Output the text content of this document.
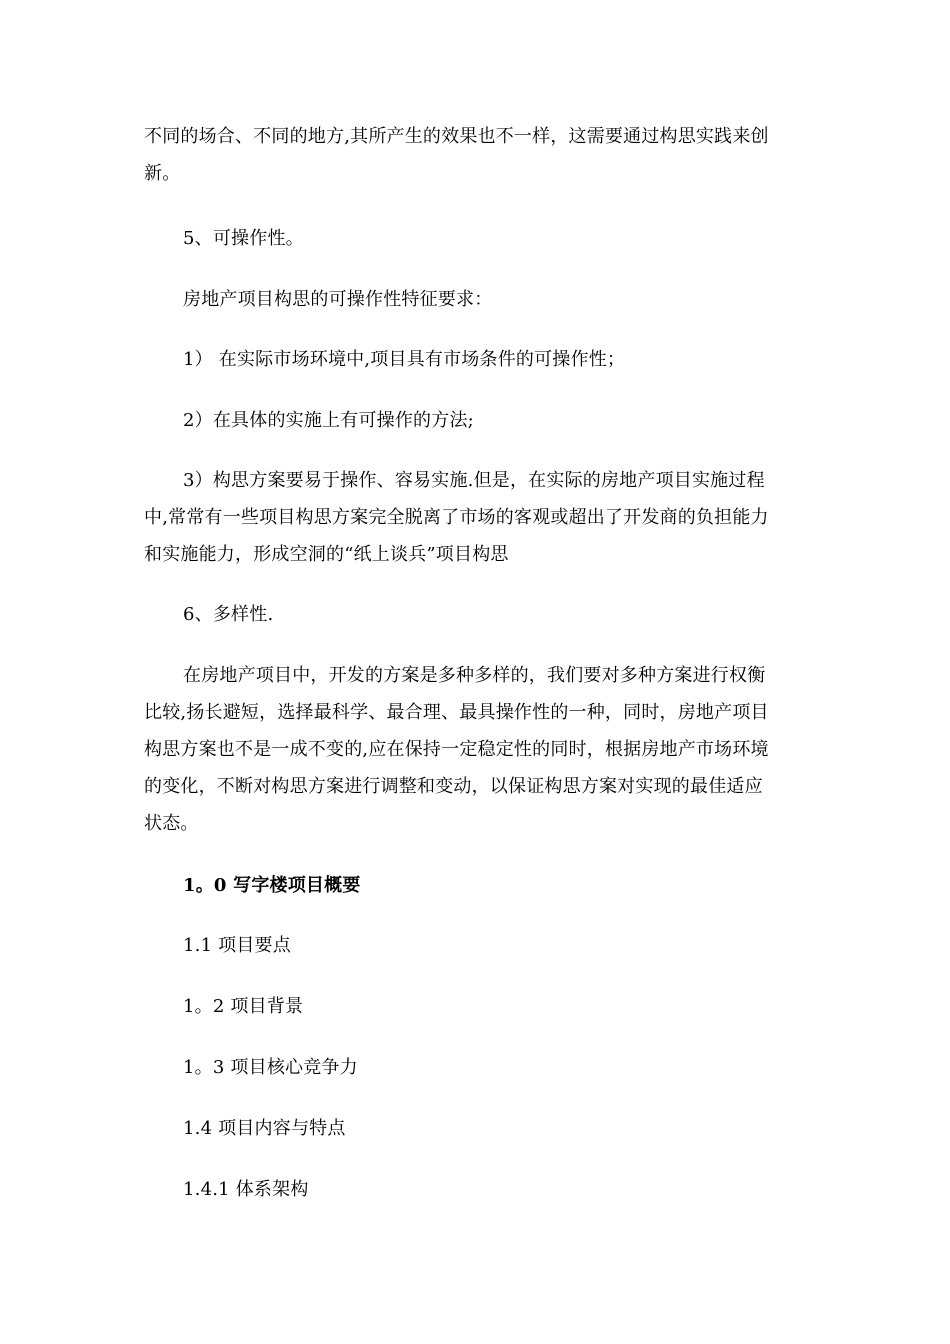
不同的场合、不同的地方,其所产生的效果也不一样，这需要通过构思实践来创
新。
5、可操作性。
房地产项目构思的可操作性特征要求：
1） 在实际市场环境中,项目具有市场条件的可操作性；
2）在具体的实施上有可操作的方法;
3）构思方案要易于操作、容易实施.但是，在实际的房地产项目实施过程
中,常常有一些项目构思方案完全脱离了市场的客观或超出了开发商的负担能力
和实施能力，形成空洞的“纸上谈兵”项目构思
6、多样性.
在房地产项目中，开发的方案是多种多样的，我们要对多种方案进行权衡
比较,扬长避短，选择最科学、最合理、最具操作性的一种，同时，房地产项目
构思方案也不是一成不变的,应在保持一定稳定性的同时，根据房地产市场环境
的变化，不断对构思方案进行调整和变动，以保证构思方案对实现的最佳适应
状态。
1。0 写字楼项目概要
1.1 项目要点
1。2 项目背景
1。3 项目核心竞争力
1.4 项目内容与特点
1.4.1 体系架构
